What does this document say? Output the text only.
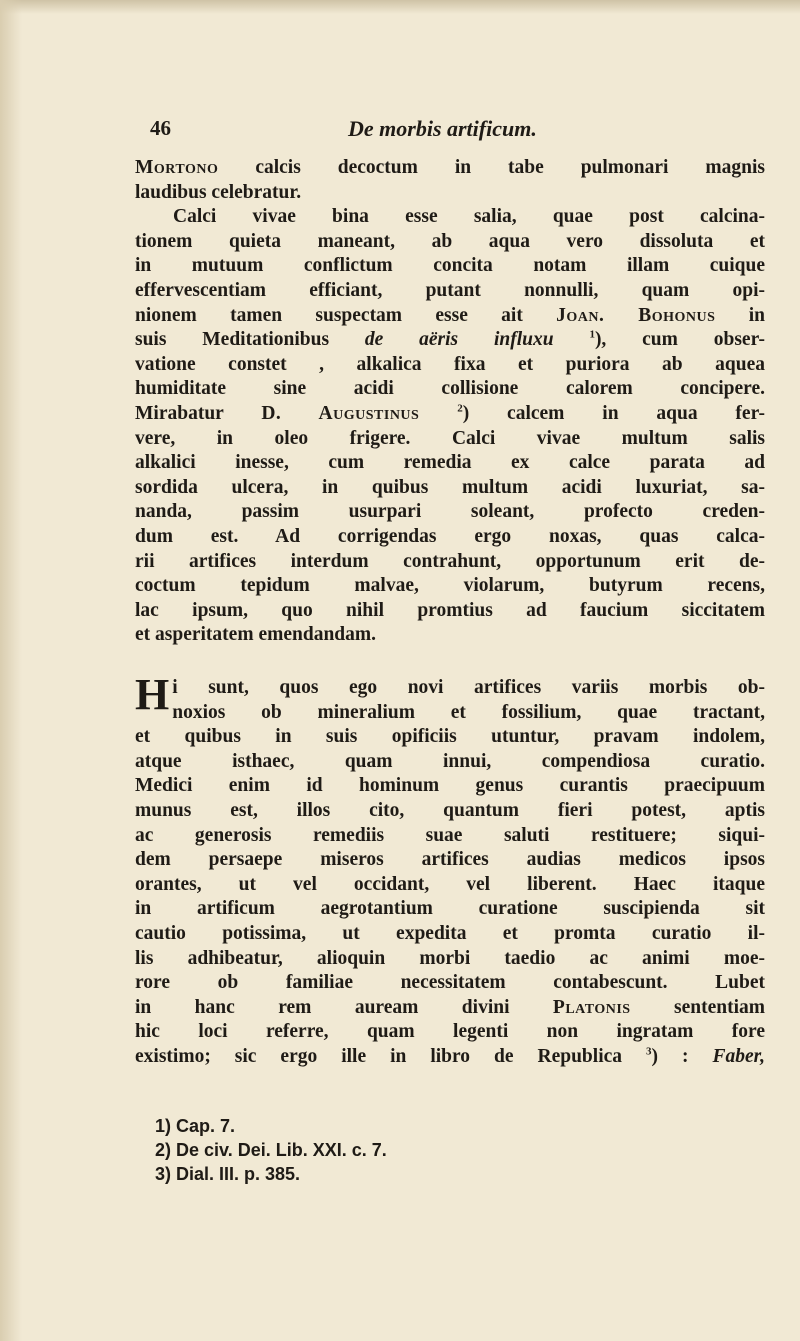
46	De morbis artificum.
Mortono calcis decoctum in tabe pulmonari magnis
laudibus celebratur.
Calci vivae bina esse salia, quae post calcina-
tionem quieta maneant, ab aqua vero dissoluta et
in mutuum conflictum concita notam illam cuique
effervescentiam efficiant, putant nonnulli, quam opi-
nionem tamen suspectam esse ait Joan. Bohonus in
suis Meditationibus de aëris influxu	$^1$), cum obser-
vatione constet , alkalica fixa et puriora ab aquea
humiditate sine acidi collisione calorem concipere.
Mirabatur D. Augustinus	$^2$) calcem in aqua fer-
vere, in oleo frigere. Calci vivae multum salis
alkalici inesse, cum remedia ex calce parata ad
sordida ulcera, in quibus multum acidi luxuriat, sa-
nanda, passim usurpari soleant, profecto creden-
dum est. Ad corrigendas ergo noxas, quas calca-
rii artifices interdum contrahunt, opportunum erit de-
coctum tepidum malvae, violarum, butyrum recens,
lac ipsum, quo nihil promtius ad faucium siccitatem
et asperitatem emendandam.
H i sunt, quos ego novi artifices variis morbis ob-
noxios ob mineralium et fossilium, quae tractant,
et quibus in suis opificiis utuntur, pravam indolem,
atque isthaec, quam innui, compendiosa curatio.
Medici enim id hominum genus curantis praecipuum
munus est, illos cito, quantum fieri potest, aptis
ac generosis remediis suae saluti restituere; siqui-
dem persaepe miseros artifices audias medicos ipsos
orantes, ut vel occidant, vel liberent. Haec itaque
in artificum aegrotantium curatione suscipienda sit
cautio potissima, ut expedita et promta curatio il-
lis adhibeatur, alioquin morbi taedio ac animi moe-
rore ob familiae necessitatem contabescunt. Lubet
in hanc rem auream divini Platonis sententiam
hic loci referre, quam legenti non ingratam fore
existimo; sic ergo ille in libro de Republica $^3$) : Faber,
1) Cap. 7.
2) De civ. Dei. Lib. XXI. c. 7.
3) Dial. III. p. 385.
